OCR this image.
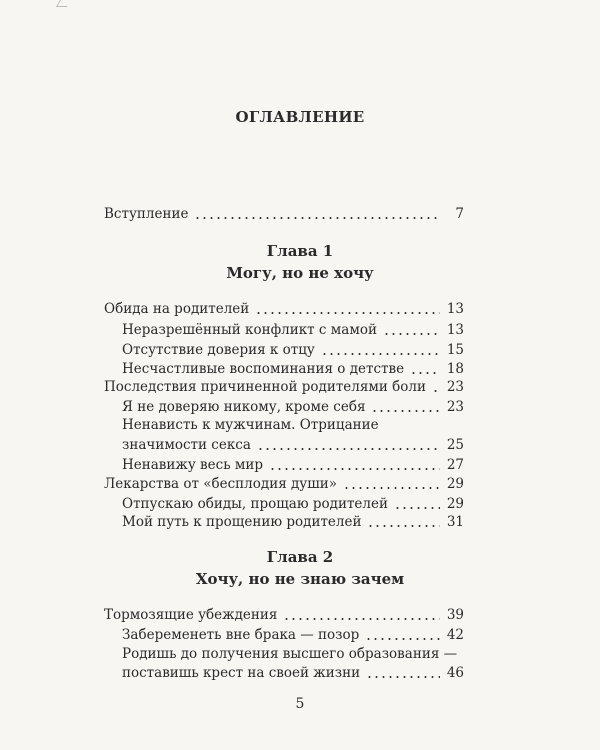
ОГЛАВЛЕНИЕ
Вступление	7
Глава 1
Могу, но не хочу
Обида на родителей	13
Неразрешённый конфликт с мамой	13
Отсутствие доверия к отцу	15
Несчастливые воспоминания о детстве	18
Последствия причиненной родителями боли 23
Я не доверяю никому, кроме себя	23
Ненависть к мужчинам. Отрицание
значимости секса	25
Ненавижу весь мир	27
Лекарства от «бесплодия души»	29
Отпускаю обиды, прощаю родителей	29
Мой путь к прощению родителей	31
Глава 2
Хочу, но не знаю зачем
Тормозящие убеждения	39
Забеременеть вне брака — позор	42
Родишь до получения высшего образования —
поставишь крест на своей жизни	46
5
